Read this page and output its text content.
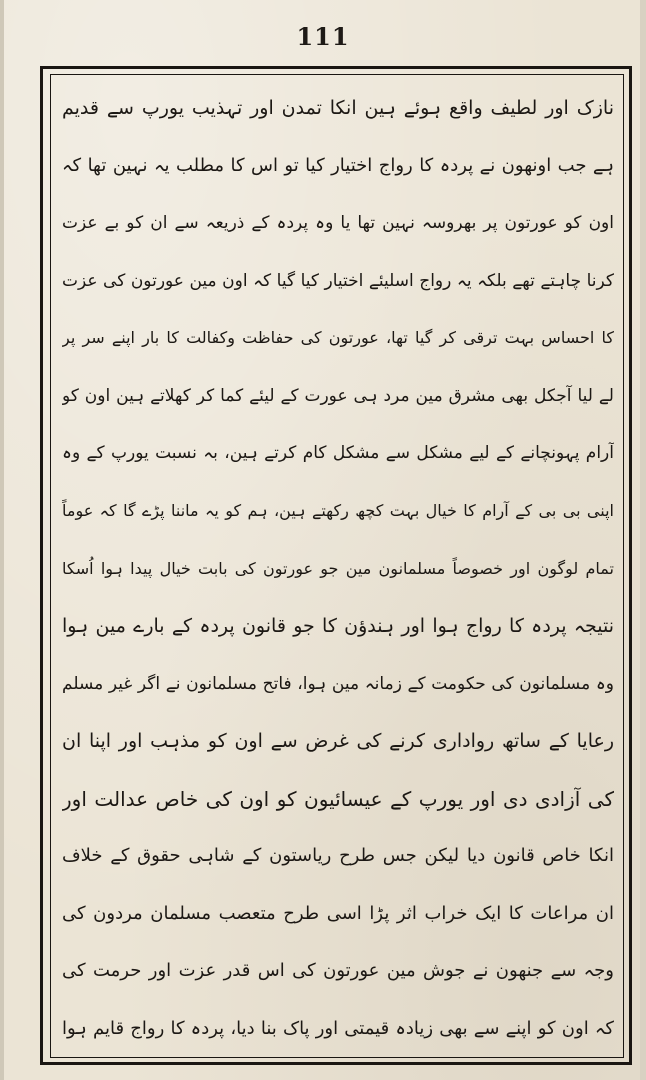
111
نازک اور لطیف واقع ہوئے ہین انکا تمدن اور تہذیب یورپ سے قدیم
ہے جب اونھون نے پردہ کا رواج اختیار کیا تو اس کا مطلب یہ نہین تھا کہ
اون کو عورتون پر بھروسہ نہین تھا یا وہ پردہ کے ذریعہ سے ان کو بے عزت
کرنا چاہتے تھے بلکہ یہ رواج اسلیئے اختیار کیا گیا کہ اون مین عورتون کی عزت
کا احساس بہت ترقی کر گیا تھا، عورتون کی حفاظت وکفالت کا بار اپنے سر پر
لے لیا آجکل بھی مشرق مین مرد ہی عورت کے لیئے کما کر کھلاتے ہین اون کو
آرام پہونچانے کے لیے مشکل سے مشکل کام کرتے ہین، بہ نسبت یورپ کے وہ
اپنی بی بی کے آرام کا خیال بہت کچھ رکھتے ہین، ہم کو یہ ماننا پڑے گا کہ عوماً
تمام لوگون اور خصوصاً مسلمانون مین جو عورتون کی بابت خیال پیدا ہوا اُسکا
نتیجہ پردہ کا رواج ہوا اور ہندؤن کا جو قانون پردہ کے بارے مین ہوا
وہ مسلمانون کی حکومت کے زمانہ مین ہوا، فاتح مسلمانون نے اگر غیر مسلم
رعایا کے ساتھ رواداری کرنے کی غرض سے اون کو مذہب اور اپنا ان
کی آزادی دی اور یورپ کے عیسائیون کو اون کی خاص عدالت اور
انکا خاص قانون دیا لیکن جس طرح ریاستون کے شاہی حقوق کے خلاف
ان مراعات کا ایک خراب اثر پڑا اسی طرح متعصب مسلمان مردون کی
وجہ سے جنھون نے جوش مین عورتون کی اس قدر عزت اور حرمت کی
کہ اون کو اپنے سے بھی زیادہ قیمتی اور پاک بنا دیا، پردہ کا رواج قایم ہوا
